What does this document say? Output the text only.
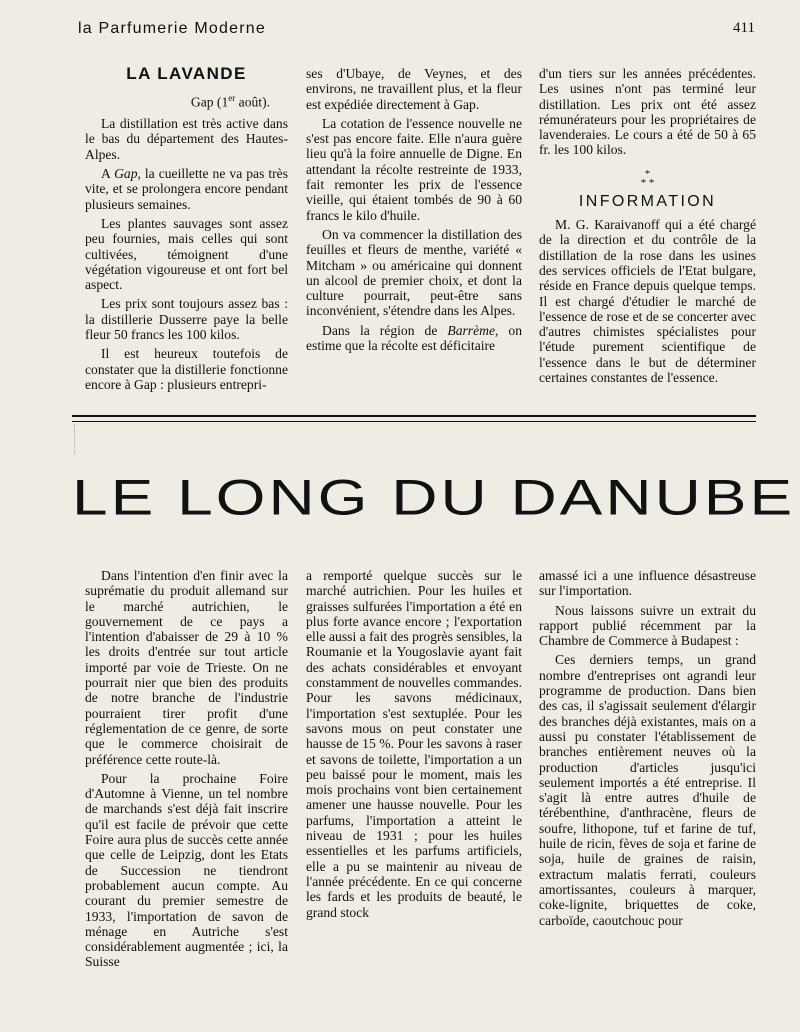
la Parfumerie Moderne	411
LA LAVANDE
Gap (1er août).

La distillation est très active dans le bas du département des Hautes-Alpes.

A Gap, la cueillette ne va pas très vite, et se prolongera encore pendant plusieurs semaines.

Les plantes sauvages sont assez peu fournies, mais celles qui sont cultivées, témoignent d'une végétation vigoureuse et ont fort bel aspect.

Les prix sont toujours assez bas : la distillerie Dusserre paye la belle fleur 50 francs les 100 kilos.

Il est heureux toutefois de constater que la distillerie fonctionne encore à Gap : plusieurs entrepri-

ses d'Ubaye, de Veynes, et des environs, ne travaillent plus, et la fleur est expédiée directement à Gap.

La cotation de l'essence nouvelle ne s'est pas encore faite. Elle n'aura guère lieu qu'à la foire annuelle de Digne. En attendant la récolte restreinte de 1933, fait remonter les prix de l'essence vieille, qui étaient tombés de 90 à 60 francs le kilo d'huile.

On va commencer la distillation des feuilles et fleurs de menthe, variété « Mitcham » ou américaine qui donnent un alcool de premier choix, et dont la culture pourrait, peut-être sans inconvénient, s'étendre dans les Alpes.

Dans la région de Barrème, on estime que la récolte est déficitaire

d'un tiers sur les années précédentes. Les usines n'ont pas terminé leur distillation. Les prix ont été assez rémunérateurs pour les propriétaires de lavenderaies. Le cours a été de 50 à 65 fr. les 100 kilos.

*
* *
INFORMATION

M. G. Karaivanoff qui a été chargé de la direction et du contrôle de la distillation de la rose dans les usines des services officiels de l'Etat bulgare, réside en France depuis quelque temps. Il est chargé d'étudier le marché de l'essence de rose et de se concerter avec d'autres chimistes spécialistes pour l'étude purement scientifique de l'essence dans le but de déterminer certaines constantes de l'essence.

LE LONG DU DANUBE

Dans l'intention d'en finir avec la suprématie du produit allemand sur le marché autrichien, le gouvernement de ce pays a l'intention d'abaisser de 29 à 10 % les droits d'entrée sur tout article importé par voie de Trieste. On ne pourrait nier que bien des produits de notre branche de l'industrie pourraient tirer profit d'une réglementation de ce genre, de sorte que le commerce choisirait de préférence cette route-là.

Pour la prochaine Foire d'Automne à Vienne, un tel nombre de marchands s'est déjà fait inscrire qu'il est facile de prévoir que cette Foire aura plus de succès cette année que celle de Leipzig, dont les Etats de Succession ne tiendront probablement aucun compte. Au courant du premier semestre de 1933, l'importation de savon de ménage en Autriche s'est considérablement augmentée ; ici, la Suisse

a remporté quelque succès sur le marché autrichien. Pour les huiles et graisses sulfurées l'importation a été en plus forte avance encore ; l'exportation elle aussi a fait des progrès sensibles, la Roumanie et la Yougoslavie ayant fait des achats considérables et envoyant constamment de nouvelles commandes. Pour les savons médicinaux, l'importation s'est sextuplée. Pour les savons mous on peut constater une hausse de 15 %. Pour les savons à raser et savons de toilette, l'importation a un peu baissé pour le moment, mais les mois prochains vont bien certainement amener une hausse nouvelle. Pour les parfums, l'importation a atteint le niveau de 1931 ; pour les huiles essentielles et les parfums artificiels, elle a pu se maintenir au niveau de l'année précédente. En ce qui concerne les fards et les produits de beauté, le grand stock

amassé ici a une influence désastreuse sur l'importation.

Nous laissons suivre un extrait du rapport publié récemment par la Chambre de Commerce à Budapest :

Ces derniers temps, un grand nombre d'entreprises ont agrandi leur programme de production. Dans bien des cas, il s'agissait seulement d'élargir des branches déjà existantes, mais on a aussi pu constater l'établissement de branches entièrement neuves où la production d'articles jusqu'ici seulement importés a été entreprise. Il s'agit là entre autres d'huile de térébenthine, d'anthracène, fleurs de soufre, lithopone, tuf et farine de tuf, huile de ricin, fèves de soja et farine de soja, huile de graines de raisin, extractum malatis ferrati, couleurs amortissantes, couleurs à marquer, coke-lignite, briquettes de coke, carboïde, caoutchouc pour
